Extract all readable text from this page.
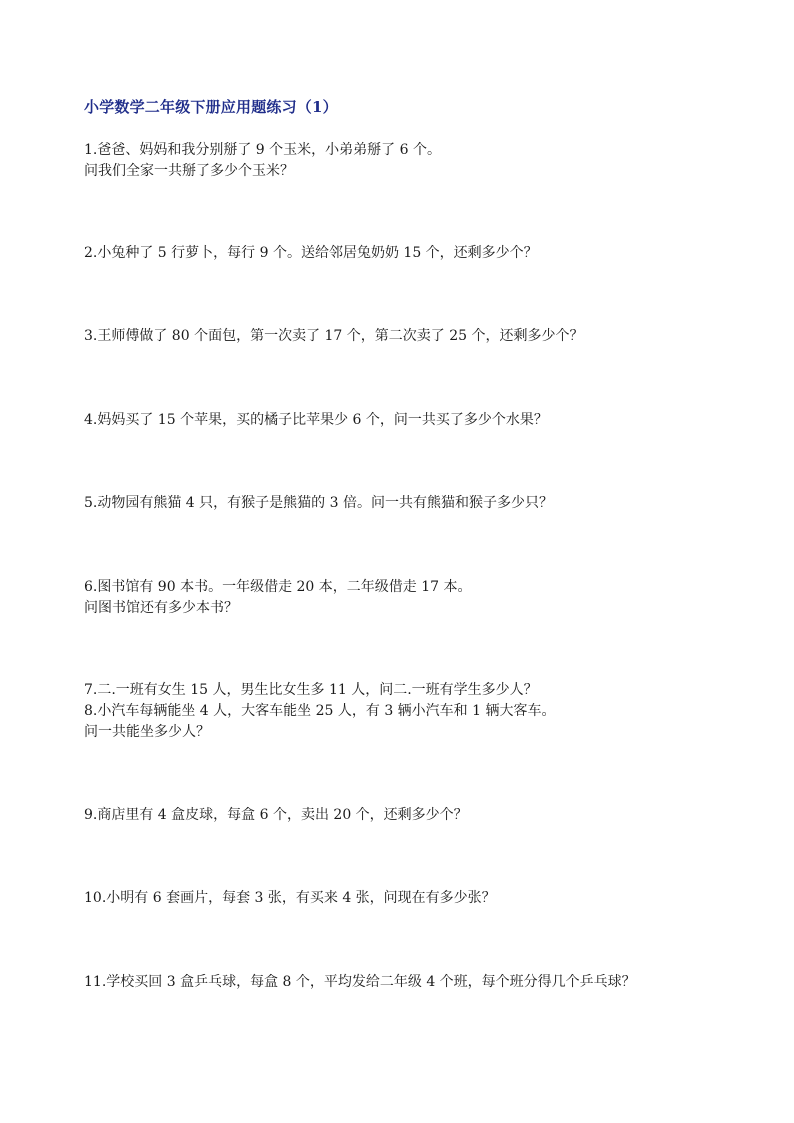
小学数学二年级下册应用题练习（1）
1.爸爸、妈妈和我分别掰了 9 个玉米，小弟弟掰了 6 个。
问我们全家一共掰了多少个玉米？
2.小兔种了 5 行萝卜，每行 9 个。送给邻居兔奶奶 15 个，还剩多少个？
3.王师傅做了 80 个面包，第一次卖了 17 个，第二次卖了 25 个，还剩多少个？
4.妈妈买了 15 个苹果，买的橘子比苹果少 6 个，问一共买了多少个水果？
5.动物园有熊猫 4 只，有猴子是熊猫的 3 倍。问一共有熊猫和猴子多少只？
6.图书馆有 90 本书。一年级借走 20 本，二年级借走 17 本。
问图书馆还有多少本书？
7.二.一班有女生 15 人，男生比女生多 11 人，问二.一班有学生多少人？
8.小汽车每辆能坐 4 人，大客车能坐 25 人，有 3 辆小汽车和 1 辆大客车。
问一共能坐多少人？
9.商店里有 4 盒皮球，每盒 6 个，卖出 20 个，还剩多少个？
10.小明有 6 套画片，每套 3 张，有买来 4 张，问现在有多少张？
11.学校买回 3 盒乒乓球，每盒 8 个，平均发给二年级 4 个班，每个班分得几个乒乓球？
